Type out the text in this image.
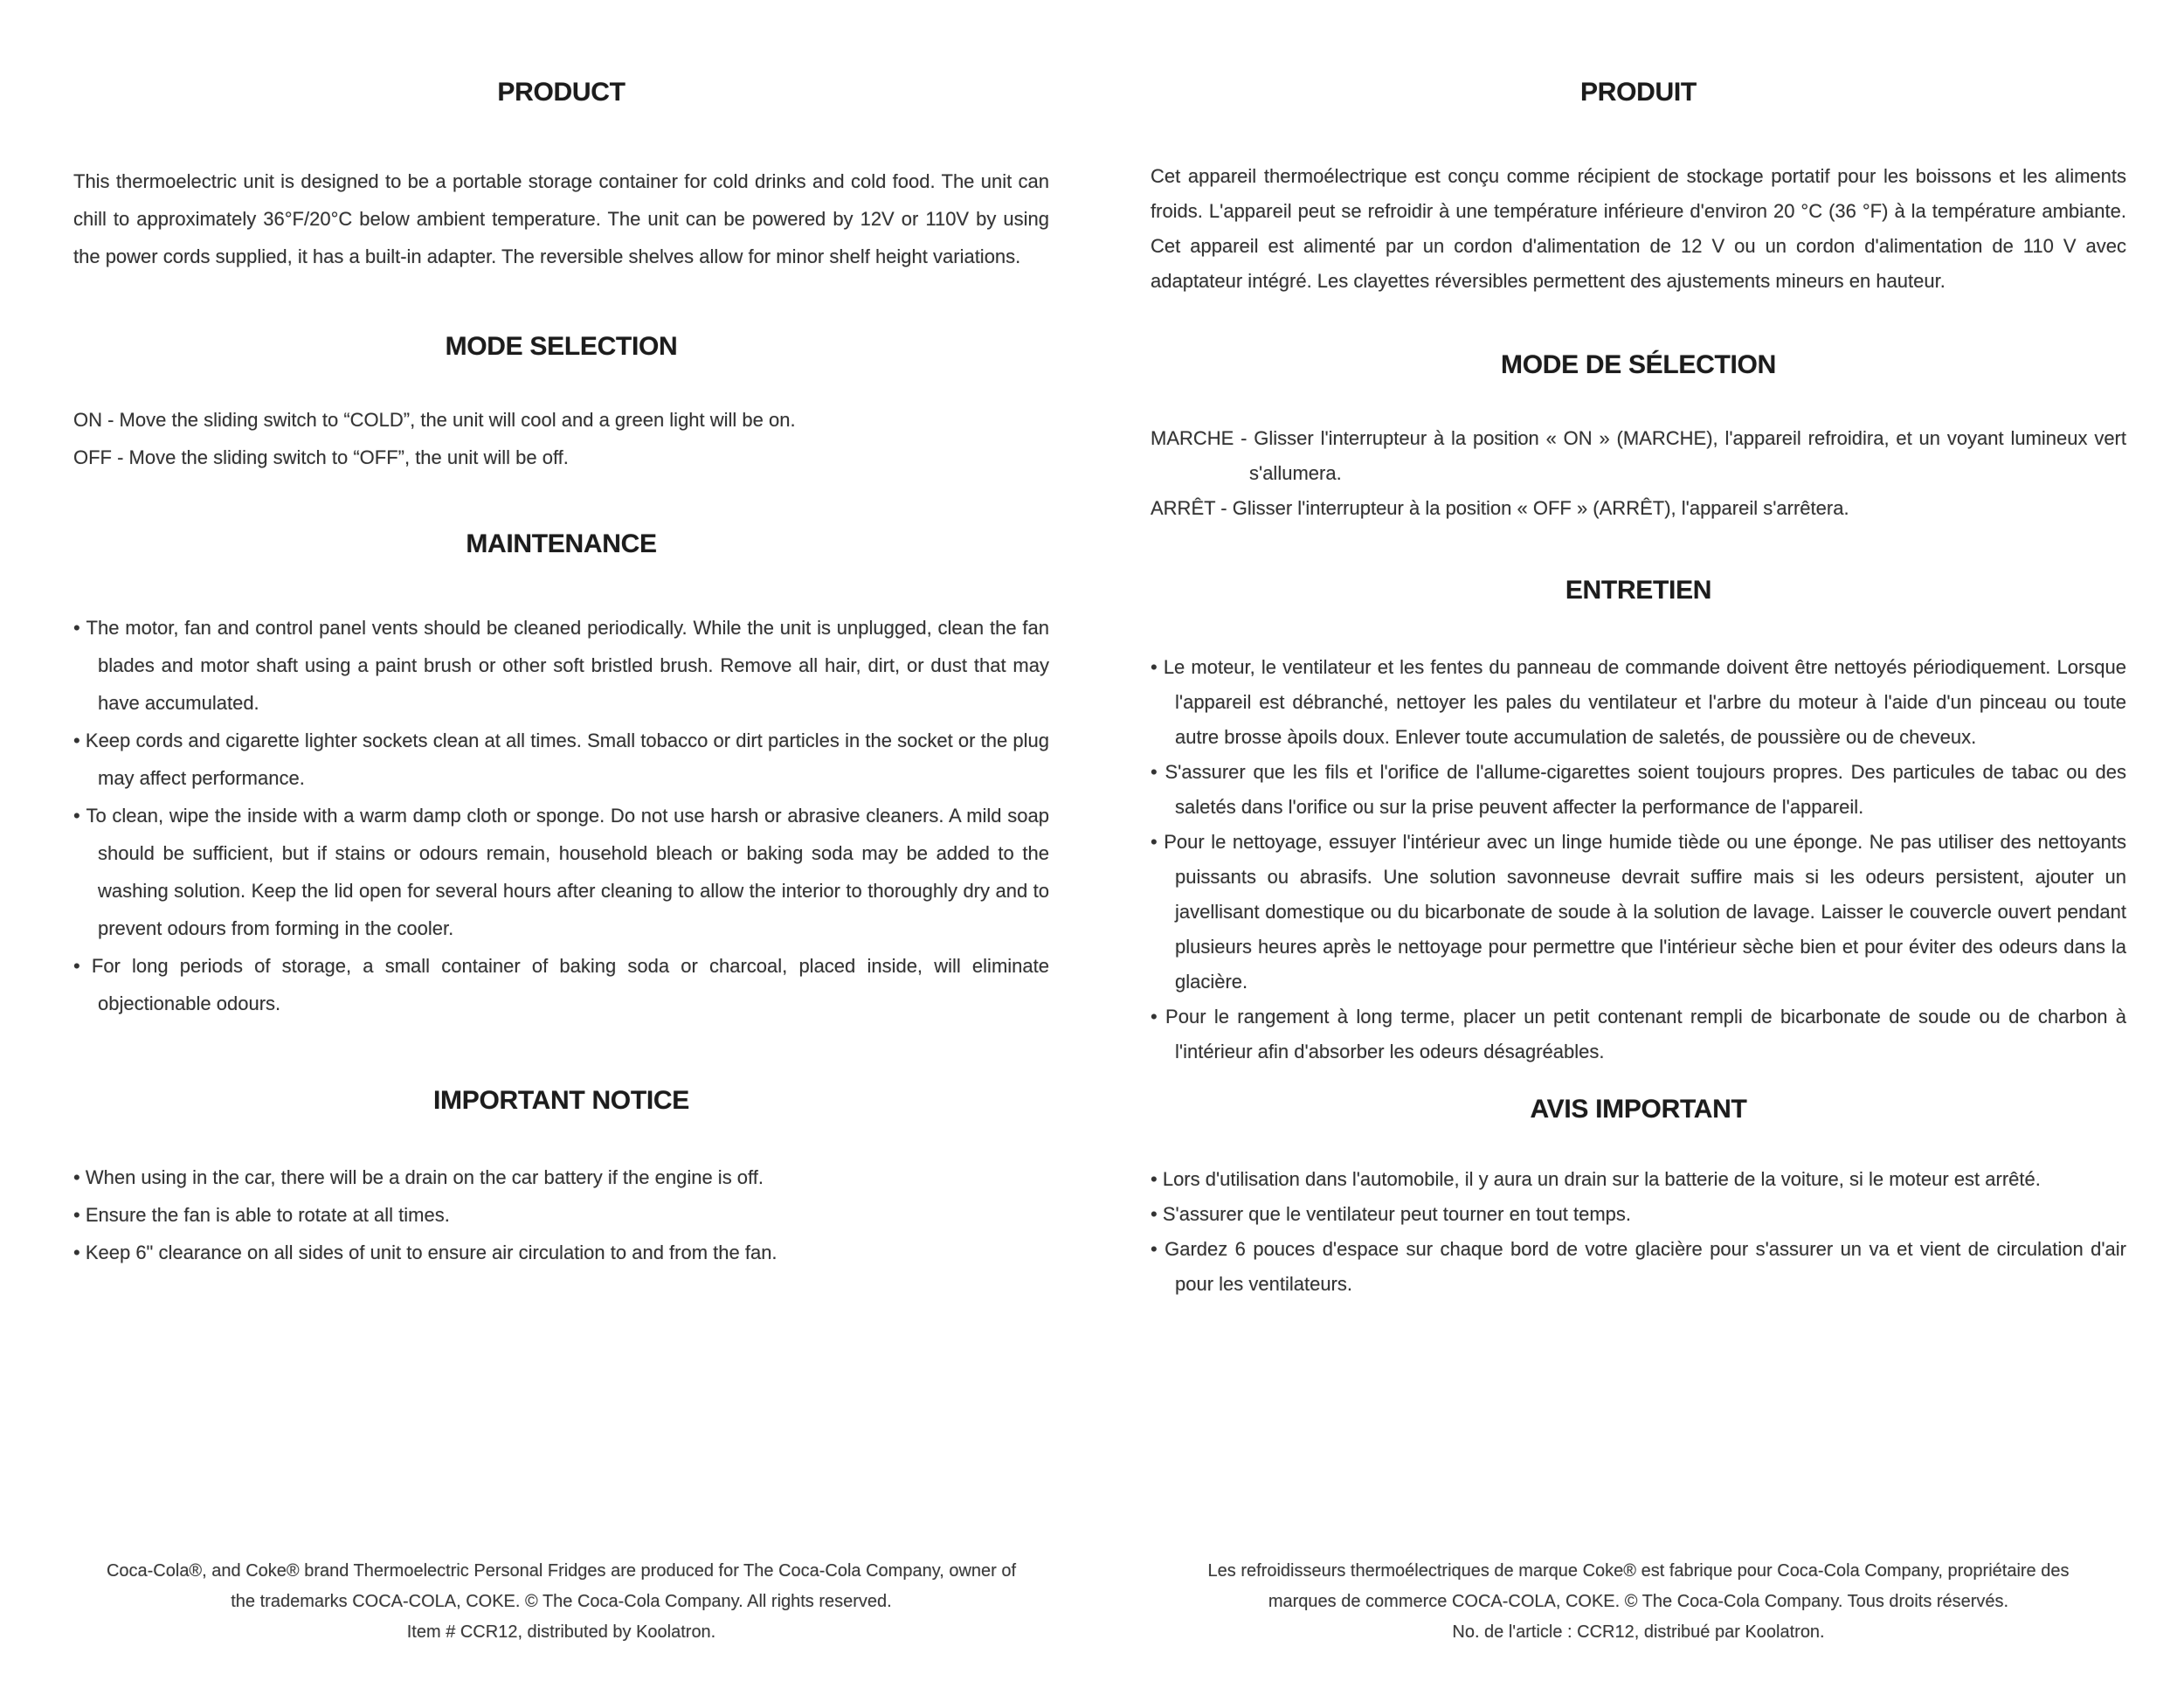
PRODUCT

This thermoelectric unit is designed to be a portable storage container for cold drinks and cold food. The unit can chill to approximately 36°F/20°C below ambient temperature. The unit can be powered by 12V or 110V by using the power cords supplied, it has a built-in adapter. The reversible shelves allow for minor shelf height variations.

MODE SELECTION

ON - Move the sliding switch to “COLD”, the unit will cool and a green light will be on.

OFF - Move the sliding switch to “OFF”, the unit will be off.

MAINTENANCE

• The motor, fan and control panel vents should be cleaned periodically. While the unit is unplugged, clean the fan blades and motor shaft using a paint brush or other soft bristled brush. Remove all hair, dirt, or dust that may have accumulated.

• Keep cords and cigarette lighter sockets clean at all times. Small tobacco or dirt particles in the socket or the plug may affect performance.

• To clean, wipe the inside with a warm damp cloth or sponge. Do not use harsh or abrasive cleaners. A mild soap should be sufficient, but if stains or odours remain, household bleach or baking soda may be added to the washing solution. Keep the lid open for several hours after cleaning to allow the interior to thoroughly dry and to prevent odours from forming in the cooler.

• For long periods of storage, a small container of baking soda or charcoal, placed inside, will eliminate objectionable odours.

IMPORTANT NOTICE

• When using in the car, there will be a drain on the car battery if the engine is off.

• Ensure the fan is able to rotate at all times.

• Keep 6" clearance on all sides of unit to ensure air circulation to and from the fan.

Coca-Cola®, and Coke® brand Thermoelectric Personal Fridges are produced for The Coca-Cola Company, owner of

the trademarks COCA-COLA, COKE. © The Coca-Cola Company. All rights reserved.

Item # CCR12, distributed by Koolatron.

PRODUIT

Cet appareil thermoélectrique est conçu comme récipient de stockage portatif pour les boissons et les aliments froids. L'appareil peut se refroidir à une température inférieure d'environ 20 °C (36 °F) à la température ambiante. Cet appareil est alimenté par un cordon d'alimentation de 12 V ou un cordon d'alimentation de 110 V avec adaptateur intégré. Les clayettes réversibles permettent des ajustements mineurs en hauteur.

MODE DE SÉLECTION

MARCHE - Glisser l'interrupteur à la position « ON » (MARCHE), l'appareil refroidira, et un voyant lumineux vert s'allumera.

ARRÊT - Glisser l'interrupteur à la position « OFF » (ARRÊT), l'appareil s'arrêtera.

ENTRETIEN

• Le moteur, le ventilateur et les fentes du panneau de commande doivent être nettoyés périodiquement. Lorsque l'appareil est débranché, nettoyer les pales du ventilateur et l'arbre du moteur à l'aide d'un pinceau ou toute autre brosse àpoils doux. Enlever toute accumulation de saletés, de poussière ou de cheveux.

• S'assurer que les fils et l'orifice de l'allume-cigarettes soient toujours propres. Des particules de tabac ou des saletés dans l'orifice ou sur la prise peuvent affecter la performance de l'appareil.

• Pour le nettoyage, essuyer l'intérieur avec un linge humide tiède ou une éponge. Ne pas utiliser des nettoyants puissants ou abrasifs. Une solution savonneuse devrait suffire mais si les odeurs persistent, ajouter un javellisant domestique ou du bicarbonate de soude à la solution de lavage. Laisser le couvercle ouvert pendant plusieurs heures après le nettoyage pour permettre que l'intérieur sèche bien et pour éviter des odeurs dans la glacière.

• Pour le rangement à long terme, placer un petit contenant rempli de bicarbonate de soude ou de charbon à l'intérieur afin d'absorber les odeurs désagréables.

AVIS IMPORTANT

• Lors d'utilisation dans l'automobile, il y aura un drain sur la batterie de la voiture, si le moteur est arrêté.

• S'assurer que le ventilateur peut tourner en tout temps.

• Gardez 6 pouces d'espace sur chaque bord de votre glacière pour s'assurer un va et vient de circulation d'air pour les ventilateurs.

Les refroidisseurs thermoélectriques de marque Coke® est fabrique pour Coca-Cola Company, propriétaire des

marques de commerce COCA-COLA, COKE. © The Coca-Cola Company. Tous droits réservés.

No. de l'article : CCR12, distribué par Koolatron.
